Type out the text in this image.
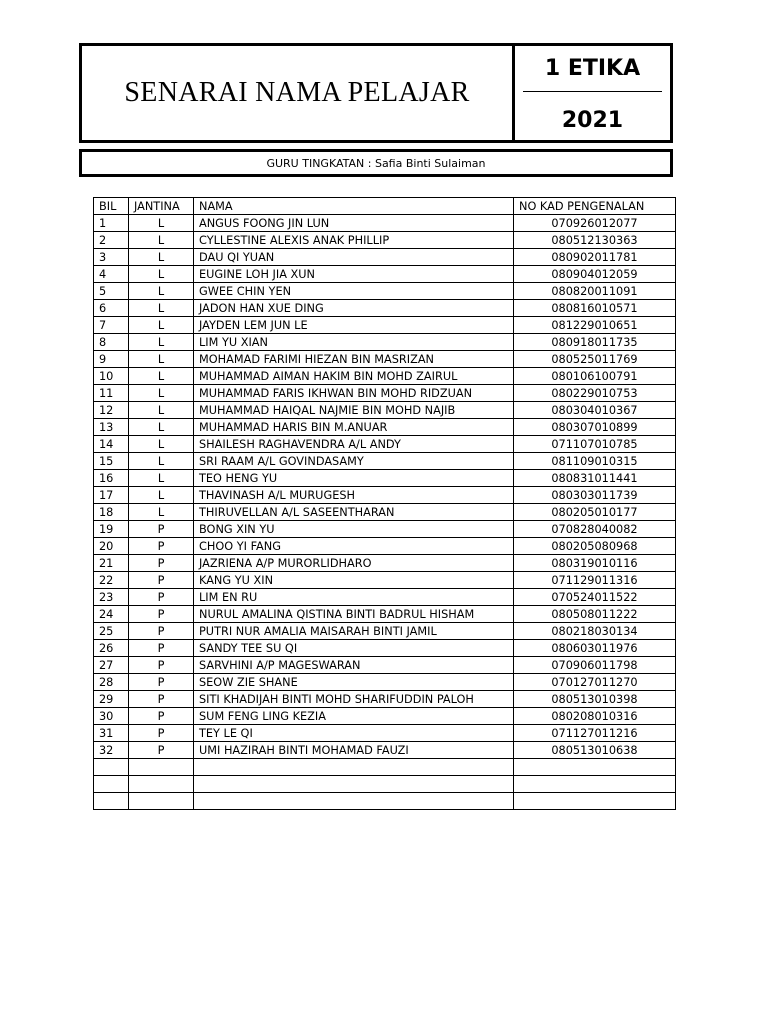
SENARAI NAMA PELAJAR
1 ETIKA
2021
GURU TINGKATAN : Safia Binti Sulaiman
BIL	JANTINA	NAMA	NO KAD PENGENALAN
1	L	ANGUS FOONG JIN LUN	070926012077
2	L	CYLLESTINE ALEXIS ANAK PHILLIP	080512130363
3	L	DAU QI YUAN	080902011781
4	L	EUGINE LOH JIA XUN	080904012059
5	L	GWEE CHIN YEN	080820011091
6	L	JADON HAN XUE DING	080816010571
7	L	JAYDEN LEM JUN LE	081229010651
8	L	LIM YU XIAN	080918011735
9	L	MOHAMAD FARIMI HIEZAN BIN MASRIZAN	080525011769
10	L	MUHAMMAD AIMAN HAKIM BIN MOHD ZAIRUL	080106100791
11	L	MUHAMMAD FARIS IKHWAN BIN MOHD RIDZUAN	080229010753
12	L	MUHAMMAD HAIQAL NAJMIE BIN MOHD NAJIB	080304010367
13	L	MUHAMMAD HARIS BIN M.ANUAR	080307010899
14	L	SHAILESH RAGHAVENDRA A/L ANDY	071107010785
15	L	SRI RAAM A/L GOVINDASAMY	081109010315
16	L	TEO HENG YU	080831011441
17	L	THAVINASH A/L MURUGESH	080303011739
18	L	THIRUVELLAN A/L SASEENTHARAN	080205010177
19	P	BONG XIN YU	070828040082
20	P	CHOO YI FANG	080205080968
21	P	JAZRIENA A/P MURORLIDHARO	080319010116
22	P	KANG YU XIN	071129011316
23	P	LIM EN RU	070524011522
24	P	NURUL AMALINA QISTINA BINTI BADRUL HISHAM	080508011222
25	P	PUTRI NUR AMALIA MAISARAH BINTI JAMIL	080218030134
26	P	SANDY TEE SU QI	080603011976
27	P	SARVHINI A/P MAGESWARAN	070906011798
28	P	SEOW ZIE SHANE	070127011270
29	P	SITI KHADIJAH BINTI MOHD SHARIFUDDIN PALOH	080513010398
30	P	SUM FENG LING KEZIA	080208010316
31	P	TEY LE QI	071127011216
32	P	UMI HAZIRAH BINTI MOHAMAD FAUZI	080513010638
